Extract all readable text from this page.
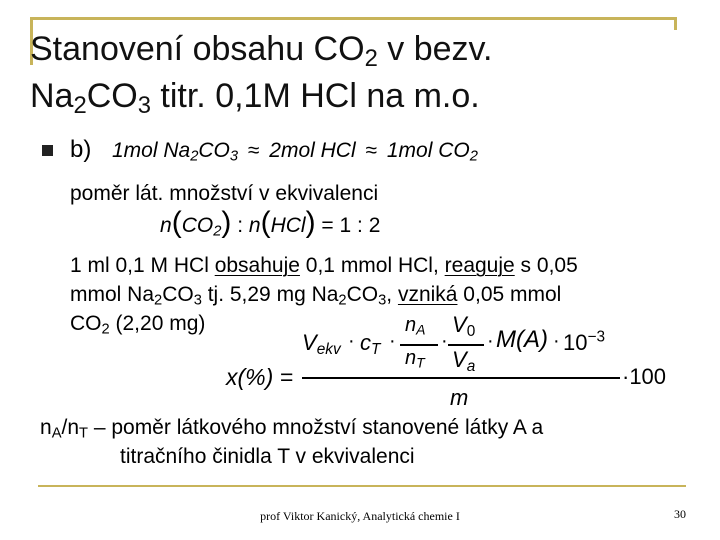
Stanovení obsahu $CO_2$ v bezv.
$Na_2CO_3$ titr. 0,1M HCl na m.o.
b) 1mol $Na_2CO_3 \approx 2mol$ HCl ≈ 1mol $CO_2$
poměr lát. množství v ekvivalenci
$n(CO_2)$ : n(HCl) = 1 : 2
1 ml 0,1 M HCl obsahuje 0,1 mmol HCl, reaguje s 0,05
mmol $Na_2CO_3$ tj. 5,29 mg $Na_2CO_3$, vzniká 0,05 mmol
$CO_2$ (2,20 mg)
x(%) =
$V_{ekv} \cdot c_T$ ·
$n_A$
$n_T$
·
$V_0$
$V_a$
· $M(A) \cdot 10^{-3}$
·100
m
$n_A/n_T$ – poměr látkového množství stanovené látky A a
titračního činidla T v ekvivalenci
prof Viktor Kanický, Analytická chemie I	30
